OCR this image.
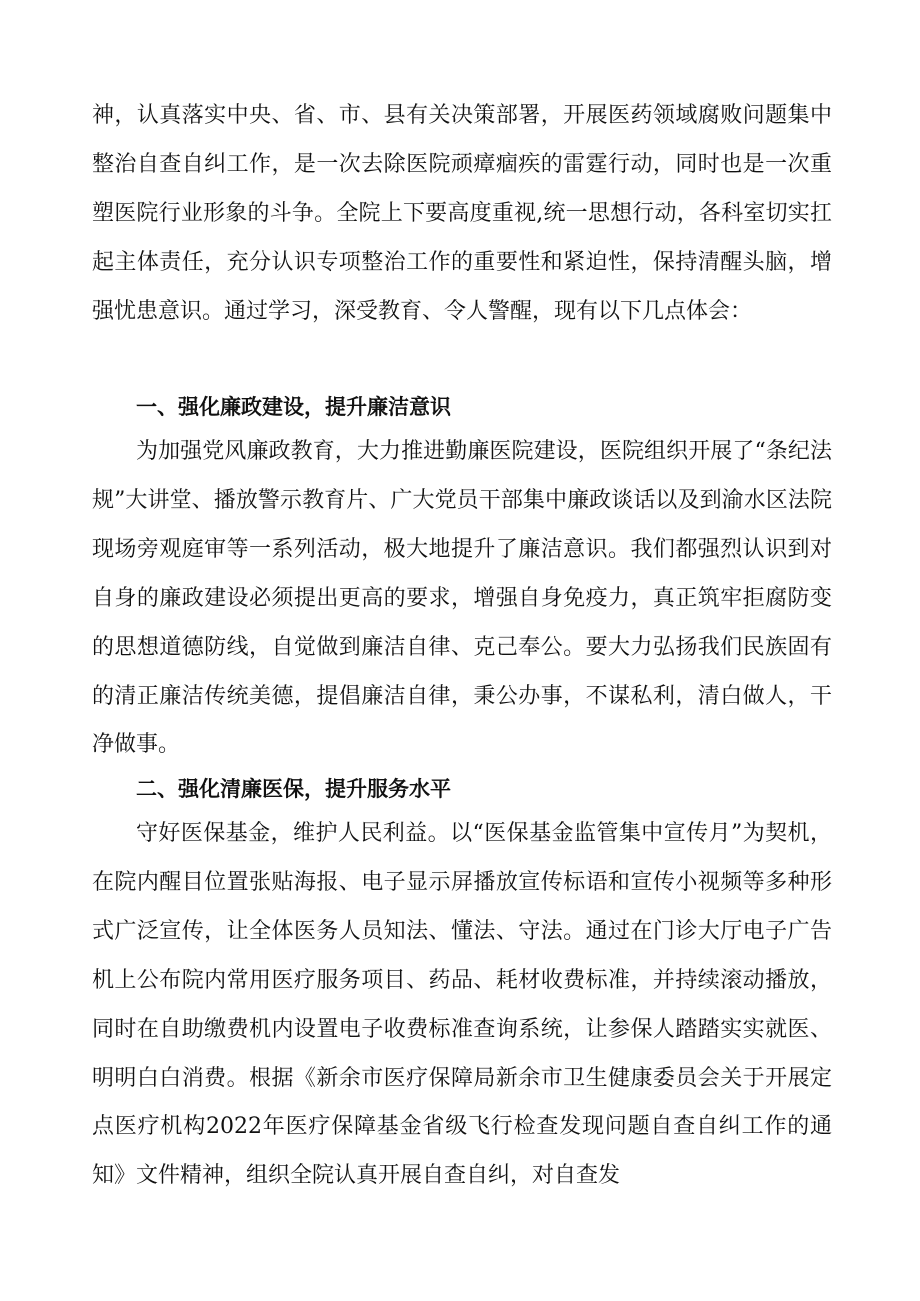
神，认真落实中央、省、市、县有关决策部署，开展医药领域腐败问题集中整治自查自纠工作，是一次去除医院顽瘴痼疾的雷霆行动，同时也是一次重塑医院行业形象的斗争。全院上下要高度重视,统一思想行动，各科室切实扛起主体责任，充分认识专项整治工作的重要性和紧迫性，保持清醒头脑，增强忧患意识。通过学习，深受教育、令人警醒，现有以下几点体会：

一、强化廉政建设，提升廉洁意识

为加强党风廉政教育，大力推进勤廉医院建设，医院组织开展了“条纪法规”大讲堂、播放警示教育片、广大党员干部集中廉政谈话以及到渝水区法院现场旁观庭审等一系列活动，极大地提升了廉洁意识。我们都强烈认识到对自身的廉政建设必须提出更高的要求，增强自身免疫力，真正筑牢拒腐防变的思想道德防线，自觉做到廉洁自律、克己奉公。要大力弘扬我们民族固有的清正廉洁传统美德，提倡廉洁自律，秉公办事，不谋私利，清白做人，干净做事。

二、强化清廉医保，提升服务水平

守好医保基金，维护人民利益。以“医保基金监管集中宣传月”为契机，在院内醒目位置张贴海报、电子显示屏播放宣传标语和宣传小视频等多种形式广泛宣传，让全体医务人员知法、懂法、守法。通过在门诊大厅电子广告机上公布院内常用医疗服务项目、药品、耗材收费标准，并持续滚动播放，同时在自助缴费机内设置电子收费标准查询系统，让参保人踏踏实实就医、明明白白消费。根据《新余市医疗保障局新余市卫生健康委员会关于开展定点医疗机构2022年医疗保障基金省级飞行检查发现问题自查自纠工作的通知》文件精神，组织全院认真开展自查自纠，对自查发
